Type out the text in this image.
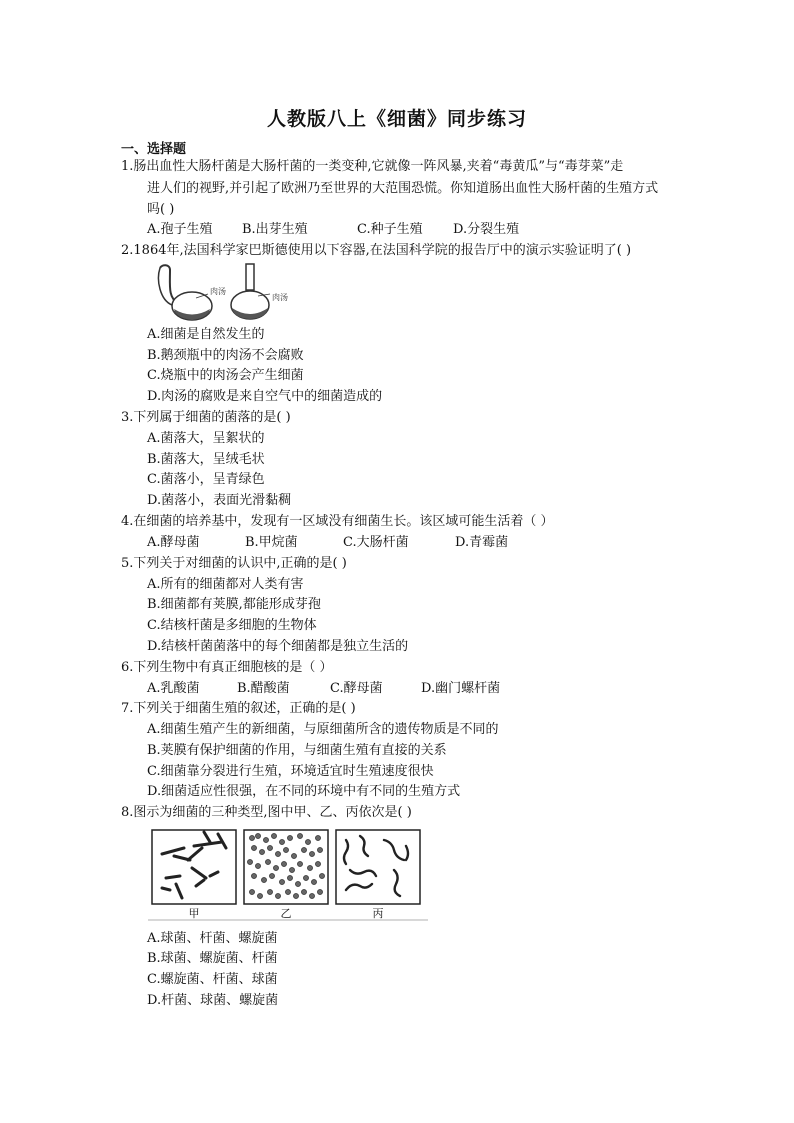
人教版八上《细菌》同步练习
一、选择题
1.肠出血性大肠杆菌是大肠杆菌的一类变种,它就像一阵风暴,夹着“毒黄瓜”与“毒芽菜”走
进人们的视野,并引起了欧洲乃至世界的大范围恐慌。你知道肠出血性大肠杆菌的生殖方式
吗( )
A.孢子生殖 B.出芽生殖	C.种子生殖 D.分裂生殖
2.1864年,法国科学家巴斯德使用以下容器,在法国科学院的报告厅中的演示实验证明了( )
肉汤
肉汤
A.细菌是自然发生的
B.鹅颈瓶中的肉汤不会腐败
C.烧瓶中的肉汤会产生细菌
D.肉汤的腐败是来自空气中的细菌造成的
3.下列属于细菌的菌落的是( )
A.菌落大，呈絮状的
B.菌落大，呈绒毛状
C.菌落小，呈青绿色
D.菌落小，表面光滑黏稠
4.在细菌的培养基中，发现有一区域没有细菌生长。该区域可能生活着（ ）
A.酵母菌	B.甲烷菌	C.大肠杆菌	D.青霉菌
5.下列关于对细菌的认识中,正确的是( )
A.所有的细菌都对人类有害
B.细菌都有荚膜,都能形成芽孢
C.结核杆菌是多细胞的生物体
D.结核杆菌菌落中的每个细菌都是独立生活的
6.下列生物中有真正细胞核的是（ ）
A.乳酸菌	B.醋酸菌	C.酵母菌	D.幽门螺杆菌
7.下列关于细菌生殖的叙述，正确的是( )
A.细菌生殖产生的新细菌，与原细菌所含的遗传物质是不同的
B.荚膜有保护细菌的作用，与细菌生殖有直接的关系
C.细菌靠分裂进行生殖，环境适宜时生殖速度很快
D.细菌适应性很强，在不同的环境中有不同的生殖方式
8.图示为细菌的三种类型,图中甲、乙、丙依次是( )
甲	乙	丙
A.球菌、杆菌、螺旋菌
B.球菌、螺旋菌、杆菌
C.螺旋菌、杆菌、球菌
D.杆菌、球菌、螺旋菌
